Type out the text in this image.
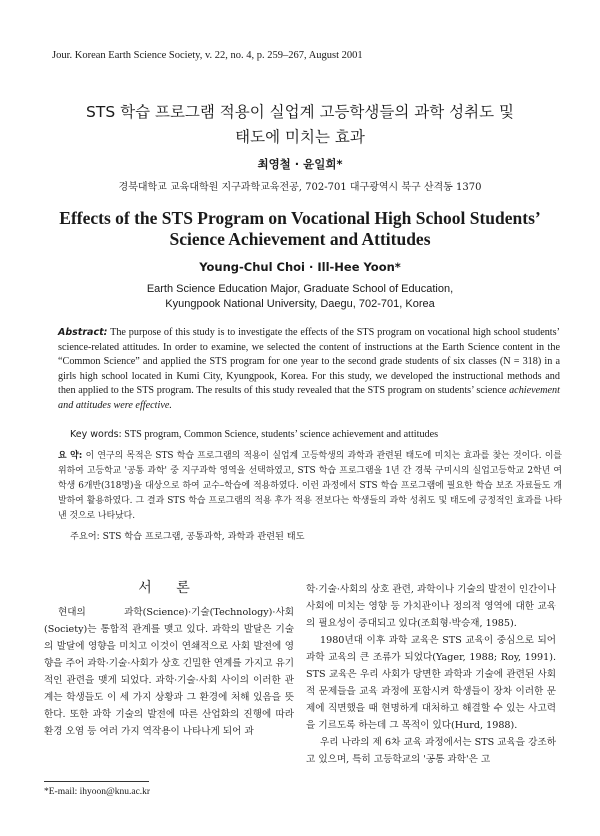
Jour. Korean Earth Science Society, v. 22, no. 4, p. 259–267, August 2001
STS 학습 프로그램 적용이 실업계 고등학생들의 과학 성취도 및
태도에 미치는 효과
최영철 · 윤일희*
경북대학교 교육대학원 지구과학교육전공, 702-701 대구광역시 북구 산격동 1370
Effects of the STS Program on Vocational High School Students’
Science Achievement and Attitudes
Young-Chul Choi · Ill-Hee Yoon*
Earth Science Education Major, Graduate School of Education,
Kyungpook National University, Daegu, 702-701, Korea
Abstract: The purpose of this study is to investigate the effects of the STS program on vocational high school students’ science-related attitudes. In order to examine, we selected the content of instructions at the Earth Science content in the “Common Science” and applied the STS program for one year to the second grade students of six classes (N = 318) in a girls high school located in Kumi City, Kyungpook, Korea. For this study, we developed the instructional methods and then applied to the STS program. The results of this study revealed that the STS program on students’ science achievement and attitudes were effective.
Key words: STS program, Common Science, students’ science achievement and attitudes
요 약: 이 연구의 목적은 STS 학습 프로그램의 적용이 실업계 고등학생의 과학과 관련된 태도에 미치는 효과를 찾는 것이다. 이를 위하여 고등학교 '공통 과학' 중 지구과학 영역을 선택하였고, STS 학습 프로그램을 1년 간 경북 구미시의 실업고등학교 2학년 여학생 6개반(318명)을 대상으로 하여 교수–학습에 적용하였다. 이런 과정에서 STS 학습 프로그램에 필요한 학습 보조 자료들도 개발하여 활용하였다. 그 결과 STS 학습 프로그램의 적용 후가 적용 전보다는 학생들의 과학 성취도 및 태도에 긍정적인 효과를 나타낸 것으로 나타났다.
주요어: STS 학습 프로그램, 공통과학, 과학과 관련된 태도
서 론

현대의 과학(Science)·기술(Technology)·사회(Society)는 통합적 관계를 맺고 있다. 과학의 발달은 기술의 발달에 영향을 미치고 이것이 연쇄적으로 사회 발전에 영향을 주어 과학·기술·사회가 상호 긴밀한 연계를 가지고 유기적인 관련을 맺게 되었다. 과학·기술·사회 사이의 이러한 관계는 학생들도 이 세 가지 상황과 그 환경에 처해 있음을 뜻한다. 또한 과학 기술의 발전에 따른 산업화의 진행에 따라 환경 오염 등 여러 가지 역작용이 나타나게 되어 과

학·기술·사회의 상호 관련, 과학이나 기술의 발전이 인간이나 사회에 미치는 영향 등 가치관이나 정의적 영역에 대한 교육의 필요성이 증대되고 있다(조희형·박승재, 1985).

1980년대 이후 과학 교육은 STS 교육이 중심으로 되어 과학 교육의 큰 조류가 되었다(Yager, 1988; Roy, 1991). STS 교육은 우리 사회가 당면한 과학과 기술에 관련된 사회적 문제들을 교육 과정에 포함시켜 학생들이 장차 이러한 문제에 직면했을 때 현명하게 대처하고 해결할 수 있는 사고력을 기르도록 하는데 그 목적이 있다(Hurd, 1988).

우리 나라의 제 6차 교육 과정에서는 STS 교육을 강조하고 있으며, 특히 고등학교의 '공통 과학'은 고

*E-mail: ihyoon@knu.ac.kr
